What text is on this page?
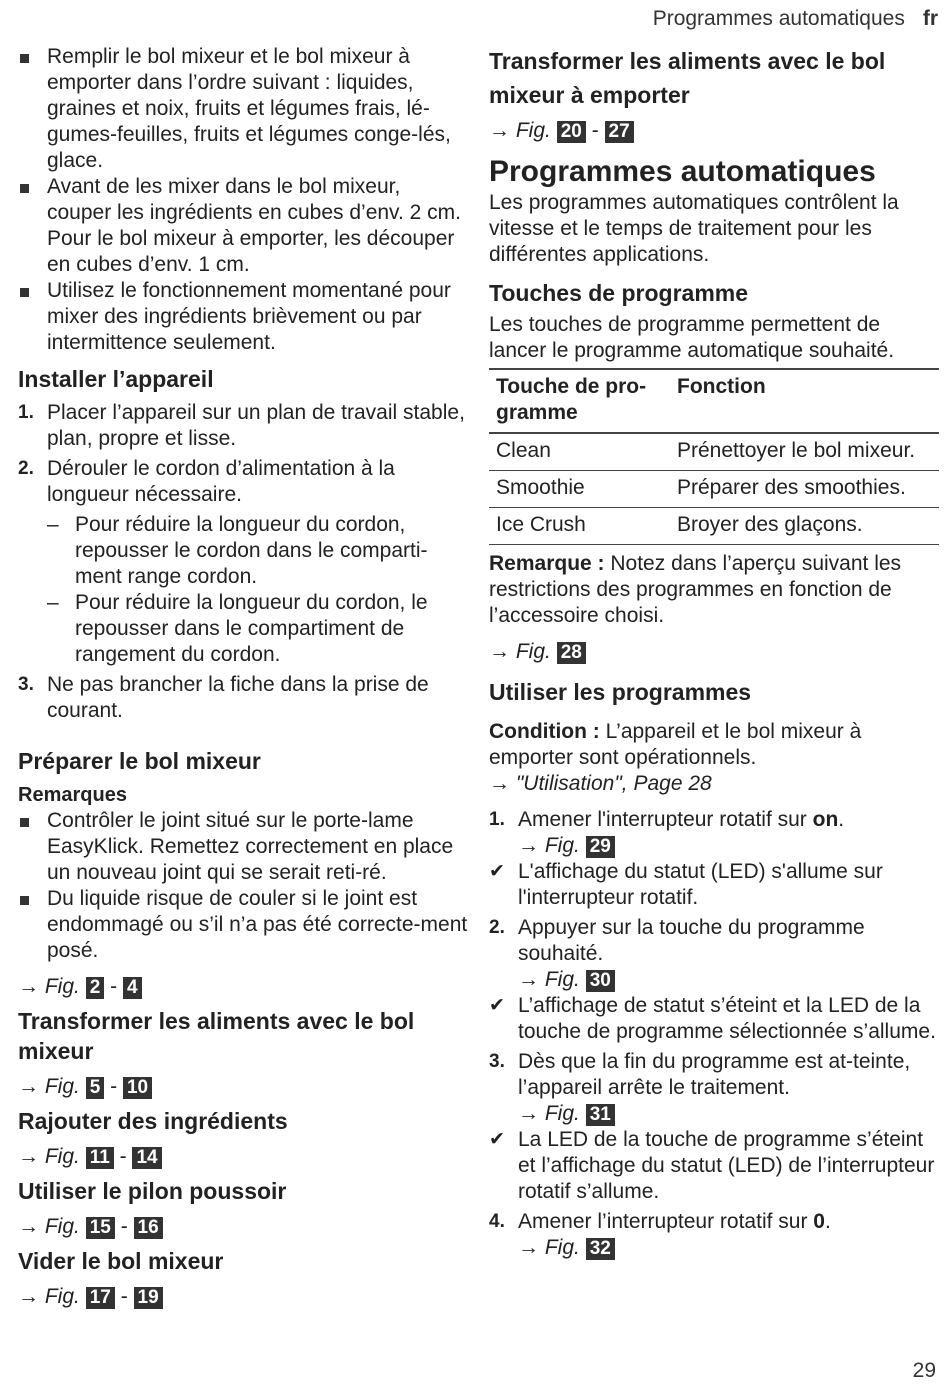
Programmes automatiques fr

Remplir le bol mixeur et le bol mixeur à emporter dans l’ordre suivant : liquides, graines et noix, fruits et légumes frais, lé-gumes-feuilles, fruits et légumes conge-lés, glace.

Avant de les mixer dans le bol mixeur, couper les ingrédients en cubes d’env. 2 cm. Pour le bol mixeur à emporter, les découper en cubes d’env. 1 cm.

Utilisez le fonctionnement momentané pour mixer des ingrédients brièvement ou par intermittence seulement.

Installer l’appareil

1. Placer l’appareil sur un plan de travail stable, plan, propre et lisse.

2. Dérouler le cordon d’alimentation à la longueur nécessaire.

– Pour réduire la longueur du cordon, repousser le cordon dans le comparti-ment range cordon.

– Pour réduire la longueur du cordon, le repousser dans le compartiment de rangement du cordon.

3. Ne pas brancher la fiche dans la prise de courant.

Préparer le bol mixeur
Remarques

Contrôler le joint situé sur le porte-lame EasyKlick. Remettez correctement en place un nouveau joint qui se serait reti-ré.

Du liquide risque de couler si le joint est endommagé ou s’il n’a pas été correcte-ment posé.

→ Fig. 2 - 4

Transformer les aliments avec le bol mixeur

→ Fig. 5 - 10

Rajouter des ingrédients

→ Fig. 11 - 14

Utiliser le pilon poussoir

→ Fig. 15 - 16

Vider le bol mixeur

→ Fig. 17 - 19

Transformer les aliments avec le bol mixeur à emporter

→ Fig. 20 - 27

Programmes automatiques

Les programmes automatiques contrôlent la vitesse et le temps de traitement pour les différentes applications.

Touches de programme

Les touches de programme permettent de lancer le programme automatique souhaité.

Touche de pro-gramme	Fonction
Clean	Prénettoyer le bol mixeur.
Smoothie	Préparer des smoothies.
Ice Crush	Broyer des glaçons.

Remarque : Notez dans l’aperçu suivant les restrictions des programmes en fonction de l’accessoire choisi.

→ Fig. 28

Utiliser les programmes

Condition : L’appareil et le bol mixeur à emporter sont opérationnels.

→ "Utilisation", Page 28

1. Amener l'interrupteur rotatif sur on.

→ Fig. 29

✔ L'affichage du statut (LED) s'allume sur l'interrupteur rotatif.

2. Appuyer sur la touche du programme souhaité.

→ Fig. 30

✔ L’affichage de statut s’éteint et la LED de la touche de programme sélectionnée s’allume.

3. Dès que la fin du programme est at-teinte, l’appareil arrête le traitement.

→ Fig. 31

✔ La LED de la touche de programme s’éteint et l’affichage du statut (LED) de l’interrupteur rotatif s’allume.

4. Amener l’interrupteur rotatif sur 0.

→ Fig. 32

29
